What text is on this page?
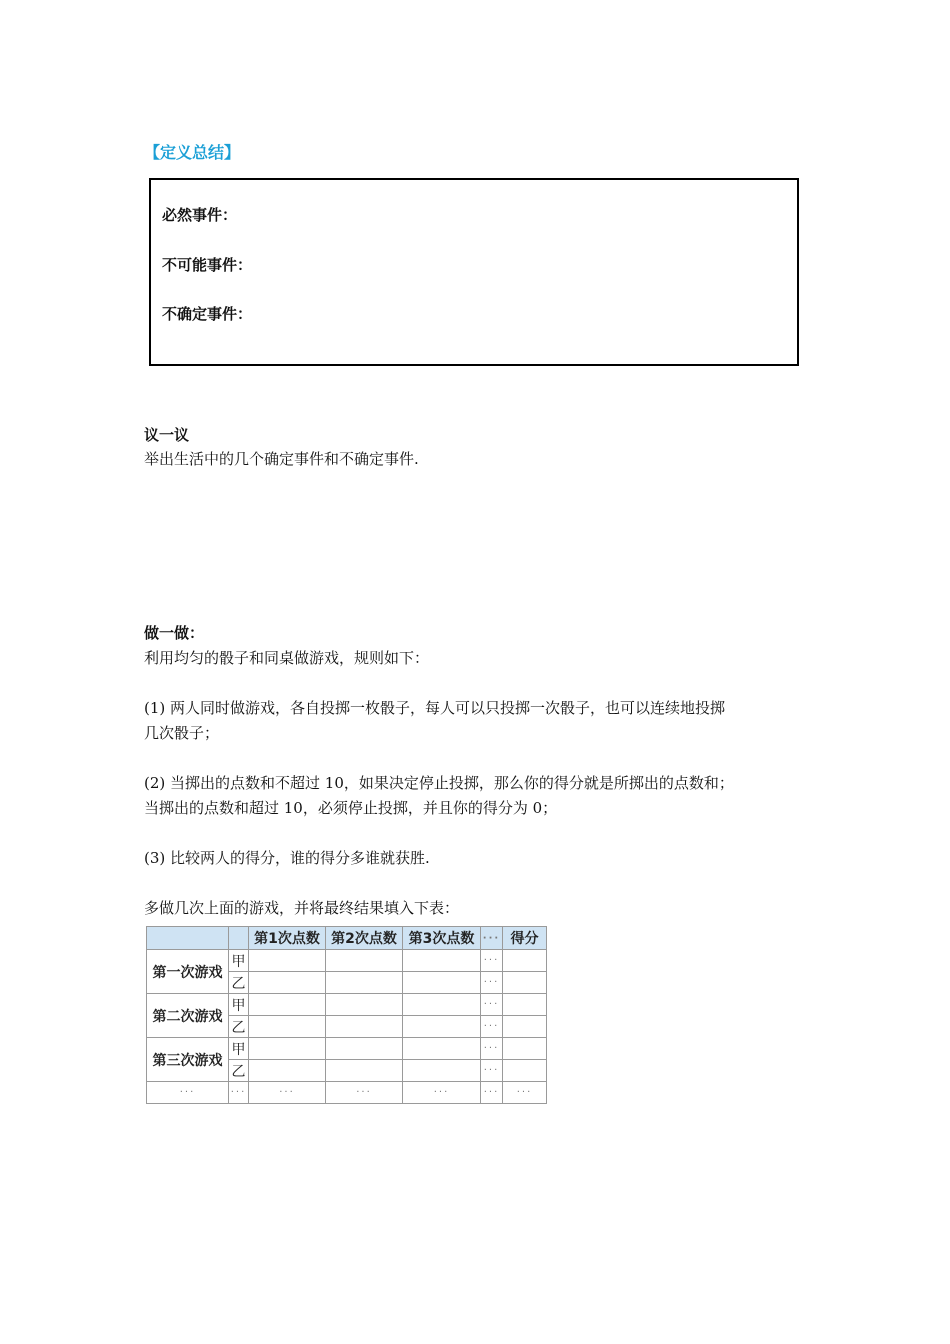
【定义总结】
必然事件：
不可能事件：
不确定事件：
议一议
举出生活中的几个确定事件和不确定事件.
做一做：
利用均匀的骰子和同桌做游戏，规则如下：
(1) 两人同时做游戏，各自投掷一枚骰子，每人可以只投掷一次骰子，也可以连续地投掷
几次骰子；
(2) 当掷出的点数和不超过 10，如果决定停止投掷，那么你的得分就是所掷出的点数和；
当掷出的点数和超过 10，必须停止投掷，并且你的得分为 0；
(3) 比较两人的得分，谁的得分多谁就获胜.
多做几次上面的游戏，并将最终结果填入下表：
		第1次点数	第2次点数	第3次点数	···	得分
第一次游戏	甲				···	
	乙				···	
第二次游戏	甲				···	
	乙				···	
第三次游戏	甲				···	
	乙				···	
···	···	···	···	···	···	···
